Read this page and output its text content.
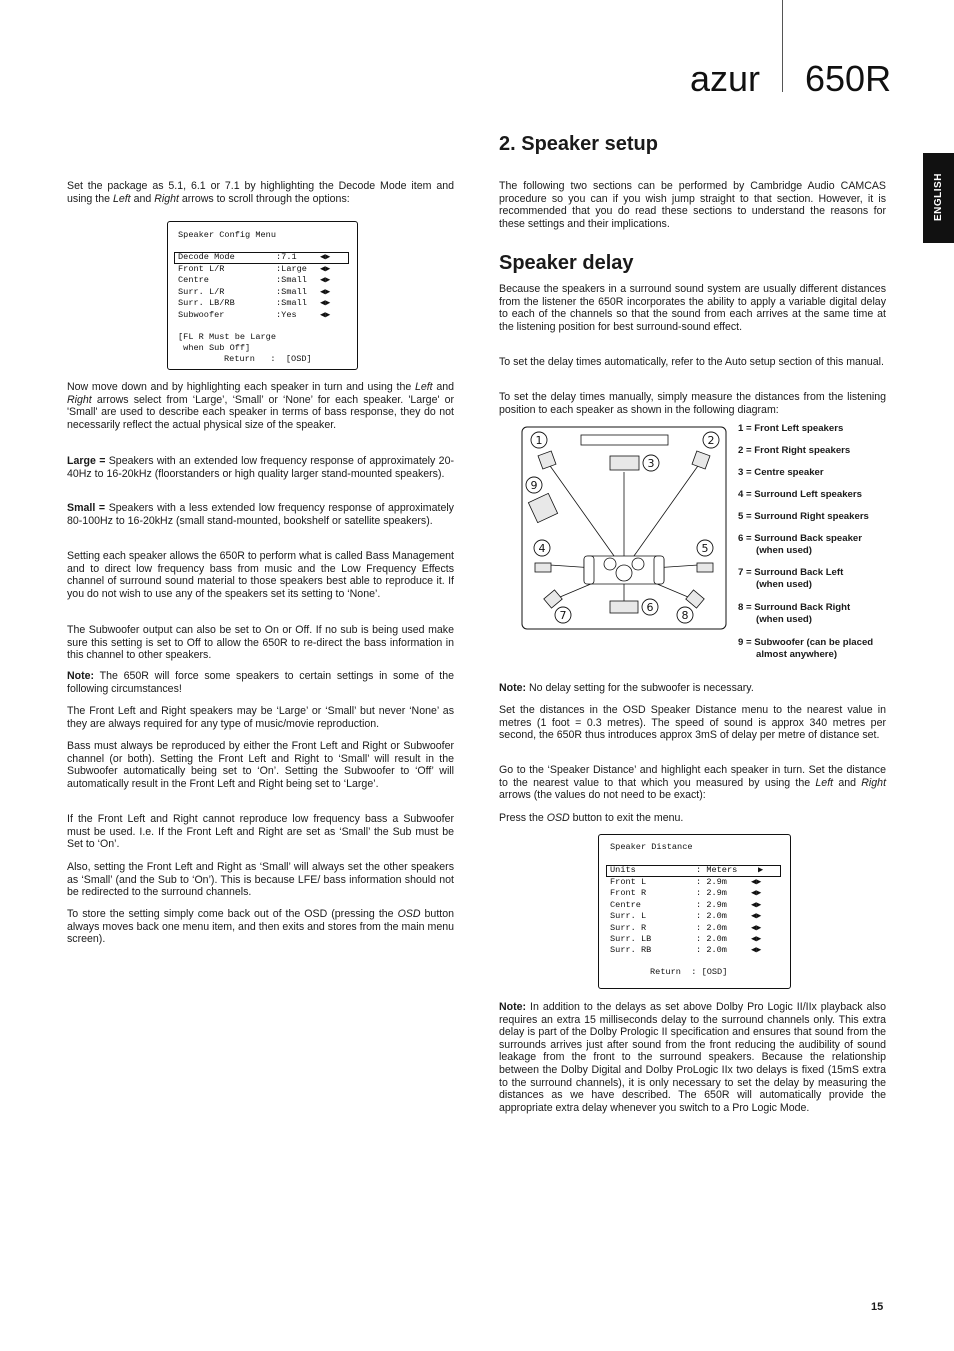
azur 650R
ENGLISH

Set the package as 5.1, 6.1 or 7.1 by highlighting the Decode Mode item and using the Left and Right arrows to scroll through the options:

Speaker Config Menu
Decode Mode	:7.1	◀▶
Front L/R	:Large ◀▶
Centre	:Small ◀▶
Surr. L/R	:Small ◀▶
Surr. LB/RB	:Small ◀▶
Subwoofer	:Yes	◀▶
[FL R Must be Large
when Sub Off]
Return   :  [OSD]

Now move down and by highlighting each speaker in turn and using the Left and Right arrows select from ‘Large’, ‘Small’ or ‘None’ for each speaker. 'Large' or 'Small' are used to describe each speaker in terms of bass response, they do not necessarily reflect the actual physical size of the speaker.

Large = Speakers with an extended low frequency response of approximately 20-40Hz to 16-20kHz (floorstanders or high quality larger stand-mounted speakers).

Small = Speakers with a less extended low frequency response of approximately 80-100Hz to 16-20kHz (small stand-mounted, bookshelf or satellite speakers).

Setting each speaker allows the 650R to perform what is called Bass Management and to direct low frequency bass from music and the Low Frequency Effects channel of surround sound material to those speakers best able to reproduce it. If you do not wish to use any of the speakers set its setting to ‘None’.

The Subwoofer output can also be set to On or Off. If no sub is being used make sure this setting is set to Off to allow the 650R to re-direct the bass information in this channel to other speakers.

Note: The 650R will force some speakers to certain settings in some of the following circumstances!

The Front Left and Right speakers may be ‘Large’ or ‘Small’ but never ‘None’ as they are always required for any type of music/movie reproduction.

Bass must always be reproduced by either the Front Left and Right or Subwoofer channel (or both). Setting the Front Left and Right to ‘Small’ will result in the Subwoofer automatically being set to ‘On’. Setting the Subwoofer to ‘Off’ will automatically result in the Front Left and Right being set to ‘Large’.

If the Front Left and Right cannot reproduce low frequency bass a Subwoofer must be used. I.e. If the Front Left and Right are set as ‘Small’ the Sub must be Set to ‘On’.

Also, setting the Front Left and Right as ‘Small’ will always set the other speakers as ‘Small’ (and the Sub to ‘On’). This is because LFE/ bass information should not be redirected to the surround channels.

To store the setting simply come back out of the OSD (pressing the OSD button always moves back one menu item, and then exits and stores from the main menu screen).

2. Speaker setup

The following two sections can be performed by Cambridge Audio CAMCAS procedure so you can if you wish jump straight to that section. However, it is recommended that you do read these sections to understand the reasons for these settings and their implications.

Speaker delay

Because the speakers in a surround sound system are usually different distances from the listener the 650R incorporates the ability to apply a variable digital delay to each of the channels so that the sound from each arrives at the same time at the listening position for best surround-sound effect.

To set the delay times automatically, refer to the Auto setup section of this manual.

To set the delay times manually, simply measure the distances from the listening position to each speaker as shown in the following diagram:

1	2
3
9
4	5
7
6
8
1 = Front Left speakers
2 = Front Right speakers
3 = Centre speaker
4 = Surround Left speakers
5 = Surround Right speakers
6 = Surround Back speaker
(when used)
7 = Surround Back Left
(when used)
8 = Surround Back Right
(when used)
9 = Subwoofer (can be placed
almost anywhere)

Note: No delay setting for the subwoofer is necessary.

Set the distances in the OSD Speaker Distance menu to the nearest value in metres (1 foot = 0.3 metres). The speed of sound is approx 340 metres per second, the 650R thus introduces approx 3mS of delay per metre of distance set.

Go to the ‘Speaker Distance’ and highlight each speaker in turn. Set the distance to the nearest value to that which you measured by using the Left and Right arrows (the values do not need to be exact):

Press the OSD button to exit the menu.

Speaker Distance
Units	: Meters ▶
Front L	: 2.9m	◀▶
Front R	: 2.9m	◀▶
Centre	: 2.9m	◀▶
Surr. L	: 2.0m	◀▶
Surr. R	: 2.0m	◀▶
Surr. LB	: 2.0m	◀▶
Surr. RB	: 2.0m	◀▶
Return  : [OSD]

Note: In addition to the delays as set above Dolby Pro Logic II/IIx playback also requires an extra 15 milliseconds delay to the surround channels only. This extra delay is part of the Dolby Prologic II specification and ensures that sound from the surrounds arrives just after sound from the front reducing the audibility of sound leakage from the front to the surround speakers. Because the relationship between the Dolby Digital and Dolby ProLogic IIx two delays is fixed (15mS extra to the surround channels), it is only necessary to set the delay by measuring the distances as we have described. The 650R will automatically provide the appropriate extra delay whenever you switch to a Pro Logic Mode.

15
